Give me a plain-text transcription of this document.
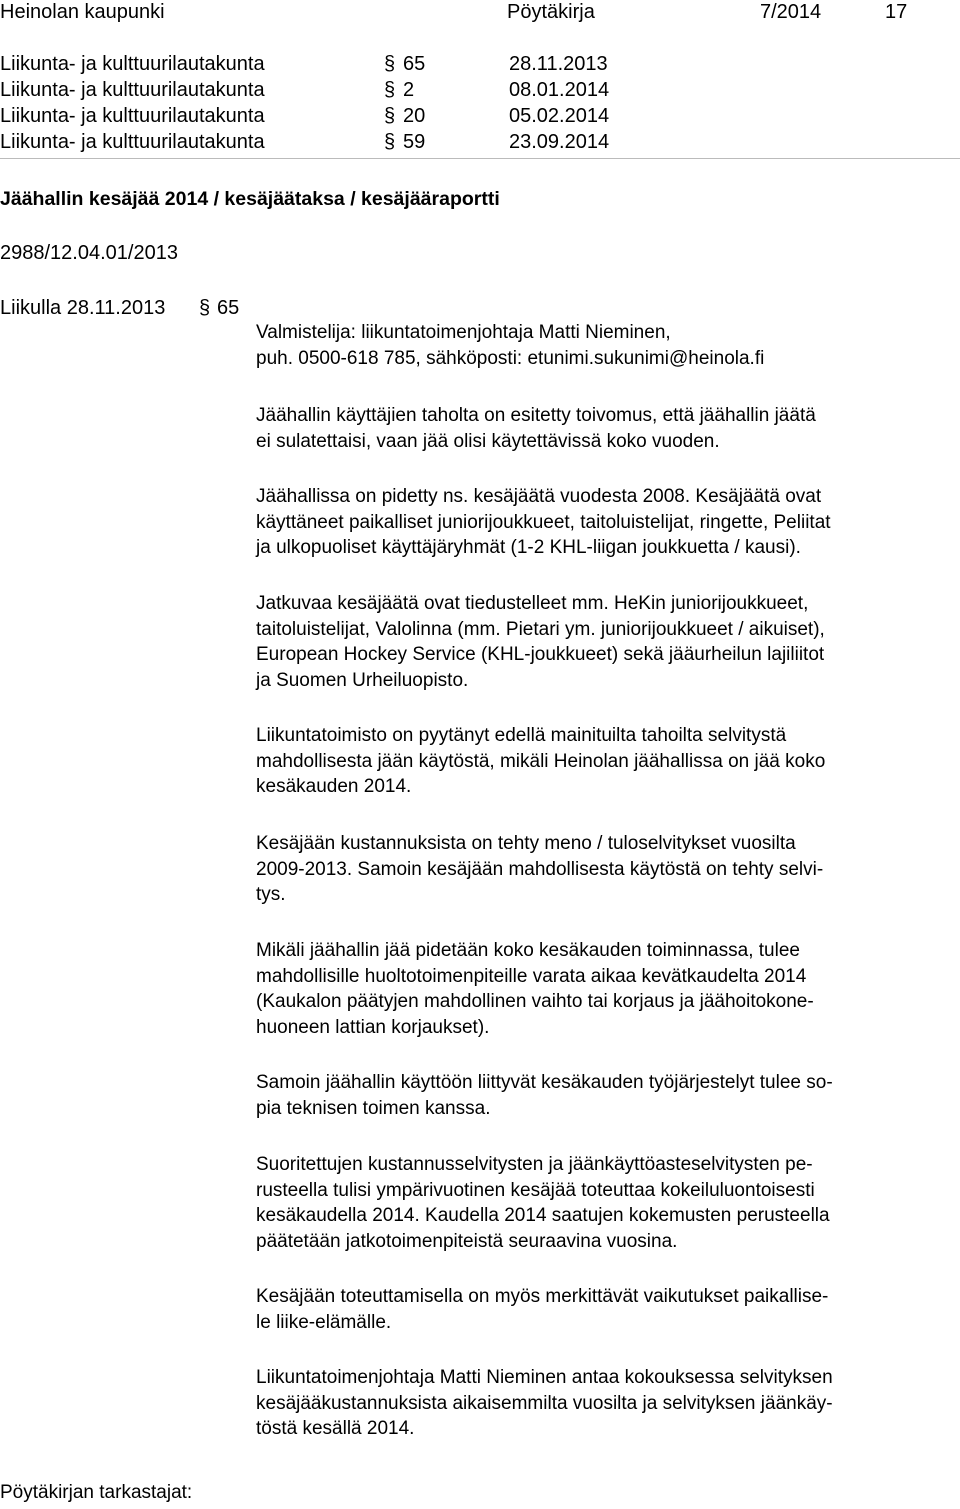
Heinolan kaupunki	Pöytäkirja	7/2014	17
Liikunta- ja kulttuurilautakunta	§ 65	28.11.2013
Liikunta- ja kulttuurilautakunta	§ 2	08.01.2014
Liikunta- ja kulttuurilautakunta	§ 20	05.02.2014
Liikunta- ja kulttuurilautakunta	§ 59	23.09.2014
Jäähallin kesäjää 2014 / kesäjäätaksa / kesäjääraportti
2988/12.04.01/2013
Liikulla 28.11.2013 § 65
Valmistelija: liikuntatoimenjohtaja Matti Nieminen,
puh. 0500-618 785, sähköposti: etunimi.sukunimi@heinola.fi
Jäähallin käyttäjien taholta on esitetty toivomus, että jäähallin jäätä
ei sulatettaisi, vaan jää olisi käytettävissä koko vuoden.
Jäähallissa on pidetty ns. kesäjäätä vuodesta 2008. Kesäjäätä ovat
käyttäneet paikalliset juniorijoukkueet, taitoluistelijat, ringette, Peliitat
ja ulkopuoliset käyttäjäryhmät (1-2 KHL-liigan joukkuetta / kausi).
Jatkuvaa kesäjäätä ovat tiedustelleet mm. HeKin juniorijoukkueet,
taitoluistelijat, Valolinna (mm. Pietari ym. juniorijoukkueet / aikuiset),
European Hockey Service (KHL-joukkueet) sekä jääurheilun lajiliitot
ja Suomen Urheiluopisto.
Liikuntatoimisto on pyytänyt edellä mainituilta tahoilta selvitystä
mahdollisesta jään käytöstä, mikäli Heinolan jäähallissa on jää koko
kesäkauden 2014.
Kesäjään kustannuksista on tehty meno / tuloselvitykset vuosilta
2009-2013. Samoin kesäjään mahdollisesta käytöstä on tehty selvi-
tys.
Mikäli jäähallin jää pidetään koko kesäkauden toiminnassa, tulee
mahdollisille huoltotoimenpiteille varata aikaa kevätkaudelta 2014
(Kaukalon päätyjen mahdollinen vaihto tai korjaus ja jäähoitokone-
huoneen lattian korjaukset).
Samoin jäähallin käyttöön liittyvät kesäkauden työjärjestelyt tulee so-
pia teknisen toimen kanssa.
Suoritettujen kustannusselvitysten ja jäänkäyttöasteselvitysten pe-
rusteella tulisi ympärivuotinen kesäjää toteuttaa kokeiluluontoisesti
kesäkaudella 2014. Kaudella 2014 saatujen kokemusten perusteella
päätetään jatkotoimenpiteistä seuraavina vuosina.
Kesäjään toteuttamisella on myös merkittävät vaikutukset paikallise-
le liike-elämälle.
Liikuntatoimenjohtaja Matti Nieminen antaa kokouksessa selvityksen
kesäjääkustannuksista aikaisemmilta vuosilta ja selvityksen jäänkäy-
töstä kesällä 2014.
Pöytäkirjan tarkastajat:
